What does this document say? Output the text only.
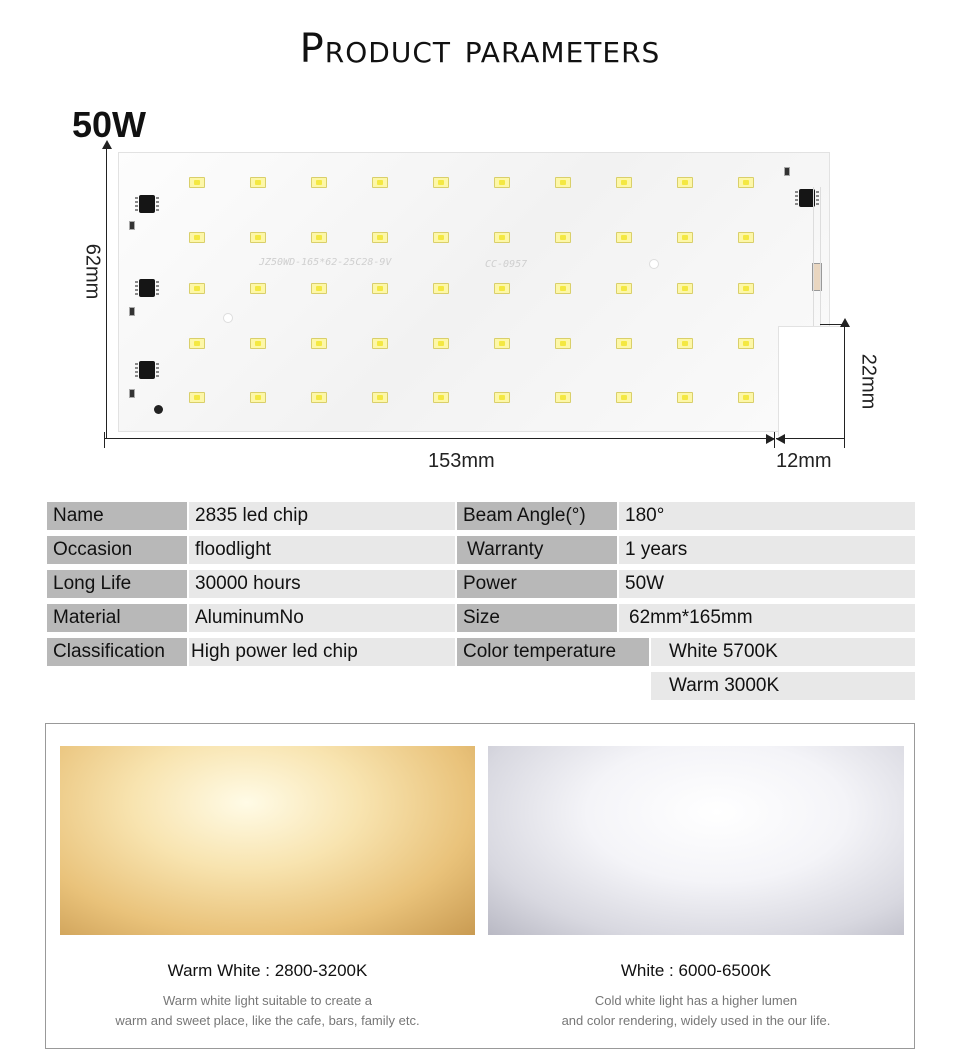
Product parameters
50W
JZ50WD-165*62-25C28-9V	CC-0957
62mm
153mm	12mm
22mm
Name	2835 led chip	Beam Angle(°)	180°
Occasion	floodlight	Warranty	1 years
Long Life	30000 hours	Power	50W
Material	AluminumNo	Size	62mm*165mm
Classification	High power led chip	Color temperature	White 5700K
Warm 3000K
Warm White : 2800-3200K
Warm white light suitable to create a
warm and sweet place, like the cafe, bars, family etc.
White : 6000-6500K
Cold white light has a higher lumen
and color rendering, widely used in the our life.
